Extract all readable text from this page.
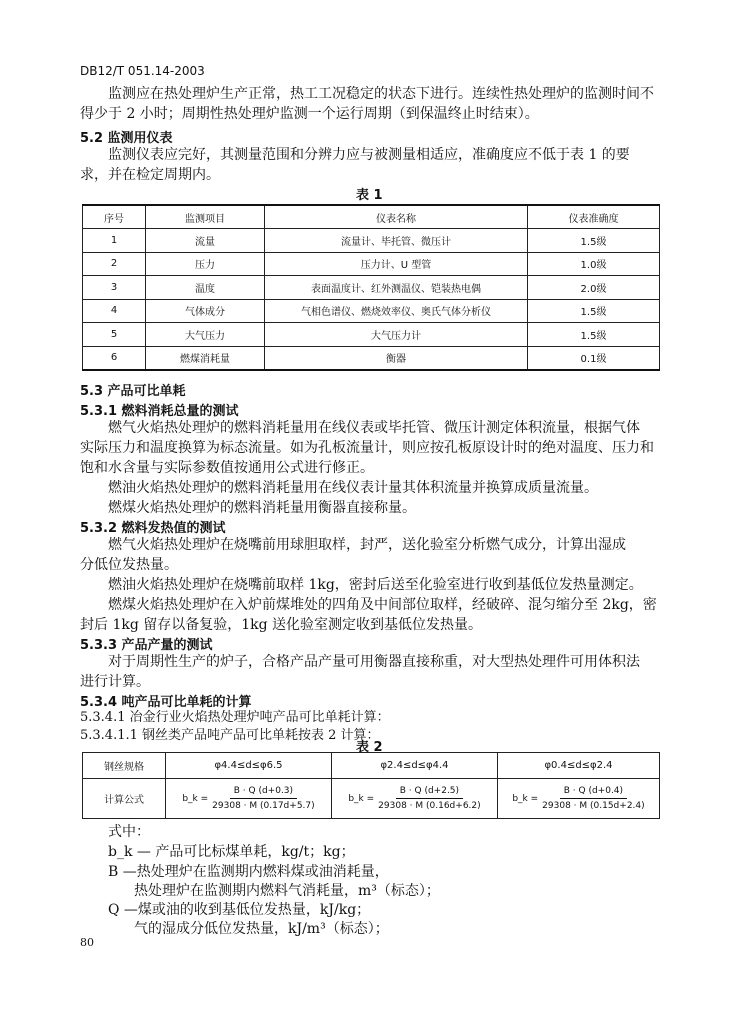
DB12/T 051.14-2003
监测应在热处理炉生产正常，热工工况稳定的状态下进行。连续性热处理炉的监测时间不
得少于 2 小时；周期性热处理炉监测一个运行周期（到保温终止时结束）。
5.2 监测用仪表
监测仪表应完好，其测量范围和分辨力应与被测量相适应，准确度应不低于表 1 的要
求，并在检定周期内。
表 1
序号	监测项目	仪表名称	仪表准确度
1	流量	流量计、毕托管、微压计	1.5级
2	压力	压力计、U 型管	1.0级
3	温度	表面温度计、红外测温仪、铠装热电偶	2.0级
4	气体成分	气相色谱仪、燃烧效率仪、奥氏气体分析仪	1.5级
5	大气压力	大气压力计	1.5级
6	燃煤消耗量	衡器	0.1级
5.3 产品可比单耗
5.3.1 燃料消耗总量的测试
燃气火焰热处理炉的燃料消耗量用在线仪表或毕托管、微压计测定体积流量，根据气体
实际压力和温度换算为标态流量。如为孔板流量计，则应按孔板原设计时的绝对温度、压力和
饱和水含量与实际参数值按通用公式进行修正。
燃油火焰热处理炉的燃料消耗量用在线仪表计量其体积流量并换算成质量流量。
燃煤火焰热处理炉的燃料消耗量用衡器直接称量。
5.3.2 燃料发热值的测试
燃气火焰热处理炉在烧嘴前用球胆取样，封严，送化验室分析燃气成分，计算出湿成
分低位发热量。
燃油火焰热处理炉在烧嘴前取样 1kg，密封后送至化验室进行收到基低位发热量测定。
燃煤火焰热处理炉在入炉前煤堆处的四角及中间部位取样，经破碎、混匀缩分至 2kg，密
封后 1kg 留存以备复验，1kg 送化验室测定收到基低位发热量。
5.3.3 产品产量的测试
对于周期性生产的炉子，合格产品产量可用衡器直接称重，对大型热处理件可用体积法
进行计算。
5.3.4 吨产品可比单耗的计算
5.3.4.1 冶金行业火焰热处理炉吨产品可比单耗计算：
5.3.4.1.1 钢丝类产品吨产品可比单耗按表 2 计算：
表 2
钢丝规格	φ4.4≤d≤φ6.5	φ2.4≤d≤φ4.4	φ0.4≤d≤φ2.4
计算公式	b_k = $\frac{B \cdot Q (d+0.3)}{29308 \cdot M (0.17d+5.7)}$	b_k = $\frac{B \cdot Q (d+2.5)}{29308 \cdot M (0.16d+6.2)}$	b_k = $\frac{B \cdot Q (d+0.4)}{29308 \cdot M (0.15d+2.4)}$
式中：
b_k — 产品可比标煤单耗，kg/t；kg；
B —热处理炉在监测期内燃料煤或油消耗量，
热处理炉在监测期内燃料气消耗量，m³（标态）；
Q —煤或油的收到基低位发热量，kJ/kg；
气的湿成分低位发热量，kJ/m³（标态）；
80
